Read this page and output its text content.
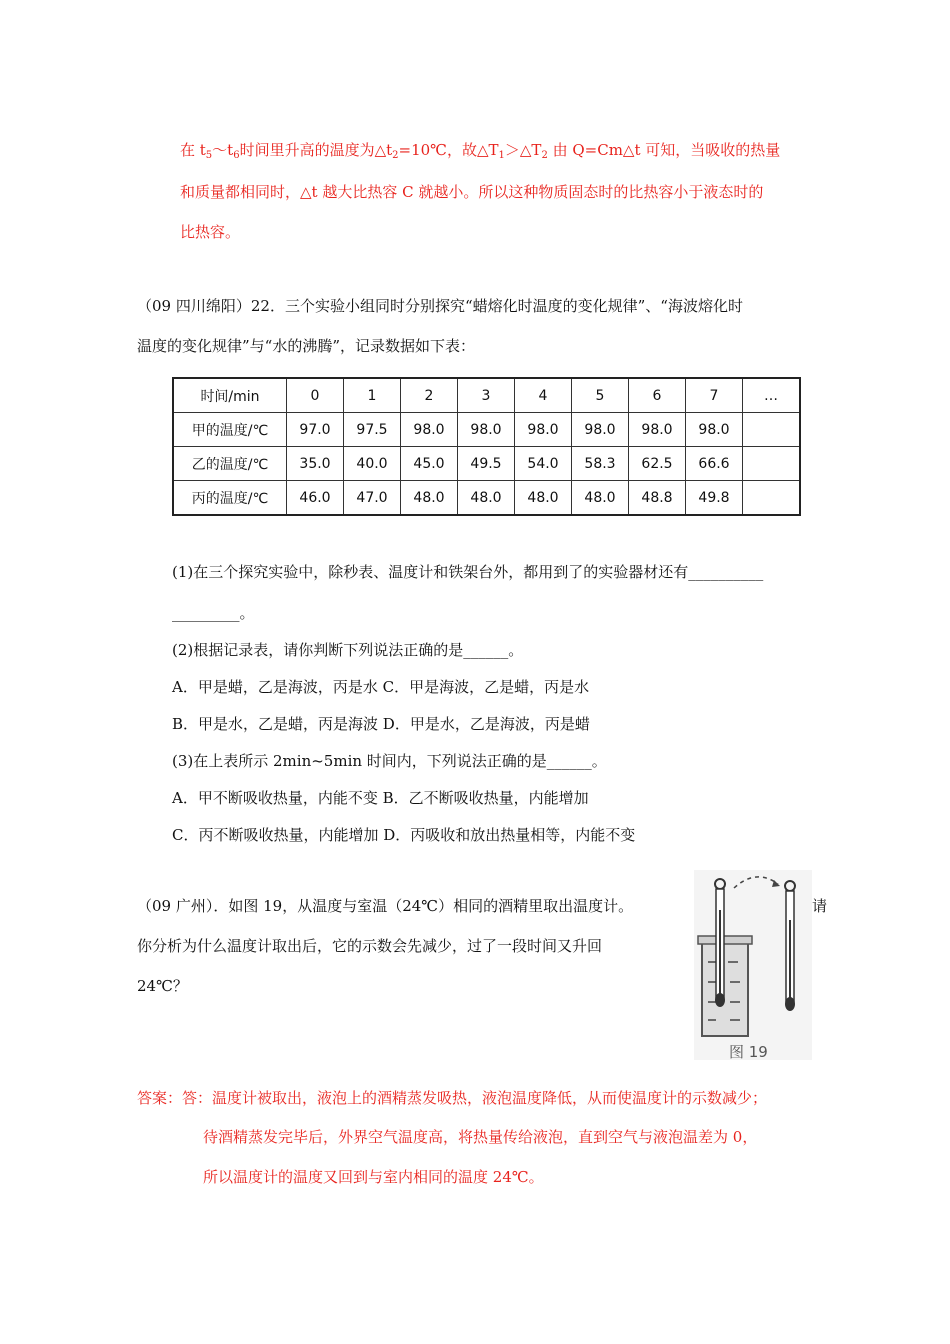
在 $t_5\sim t_6$时间里升高的温度为$\triangle t_2=10℃$，故$\triangle T_1>\triangle T_2$ 由 Q=Cm△t 可知，当吸收的热量
和质量都相同时，△t 越大比热容 C 就越小。所以这种物质固态时的比热容小于液态时的
比热容。
（09 四川绵阳）22．三个实验小组同时分别探究“蜡熔化时温度的变化规律”、“海波熔化时
温度的变化规律”与“水的沸腾”，记录数据如下表：
时间/min	0	1	2	3	4	5	6	7	…
甲的温度/℃	97.0	97.5	98.0	98.0	98.0	98.0	98.0	98.0	
乙的温度/℃	35.0	40.0	45.0	49.5	54.0	58.3	62.5	66.6	
丙的温度/℃	46.0	47.0	48.0	48.0	48.0	48.0	48.8	49.8	
(1)在三个探究实验中，除秒表、温度计和铁架台外，都用到了的实验器材还有__________
_________。
(2)根据记录表，请你判断下列说法正确的是______。
A．甲是蜡，乙是海波，丙是水 C．甲是海波，乙是蜡，丙是水
B．甲是水，乙是蜡，丙是海波 D．甲是水，乙是海波，丙是蜡
(3)在上表所示 2min~5min 时间内，下列说法正确的是______。
A．甲不断吸收热量，内能不变 B．乙不断吸收热量，内能增加
C．丙不断吸收热量，内能增加 D．丙吸收和放出热量相等，内能不变
（09 广州）．如图 19，从温度与室温（24℃）相同的酒精里取出温度计。	请
你分析为什么温度计取出后，它的示数会先减少，过了一段时间又升回
24℃？
图 19
答案：答：温度计被取出，液泡上的酒精蒸发吸热，液泡温度降低，从而使温度计的示数减少；
待酒精蒸发完毕后，外界空气温度高，将热量传给液泡，直到空气与液泡温差为 0，
所以温度计的温度又回到与室内相同的温度 24℃。
